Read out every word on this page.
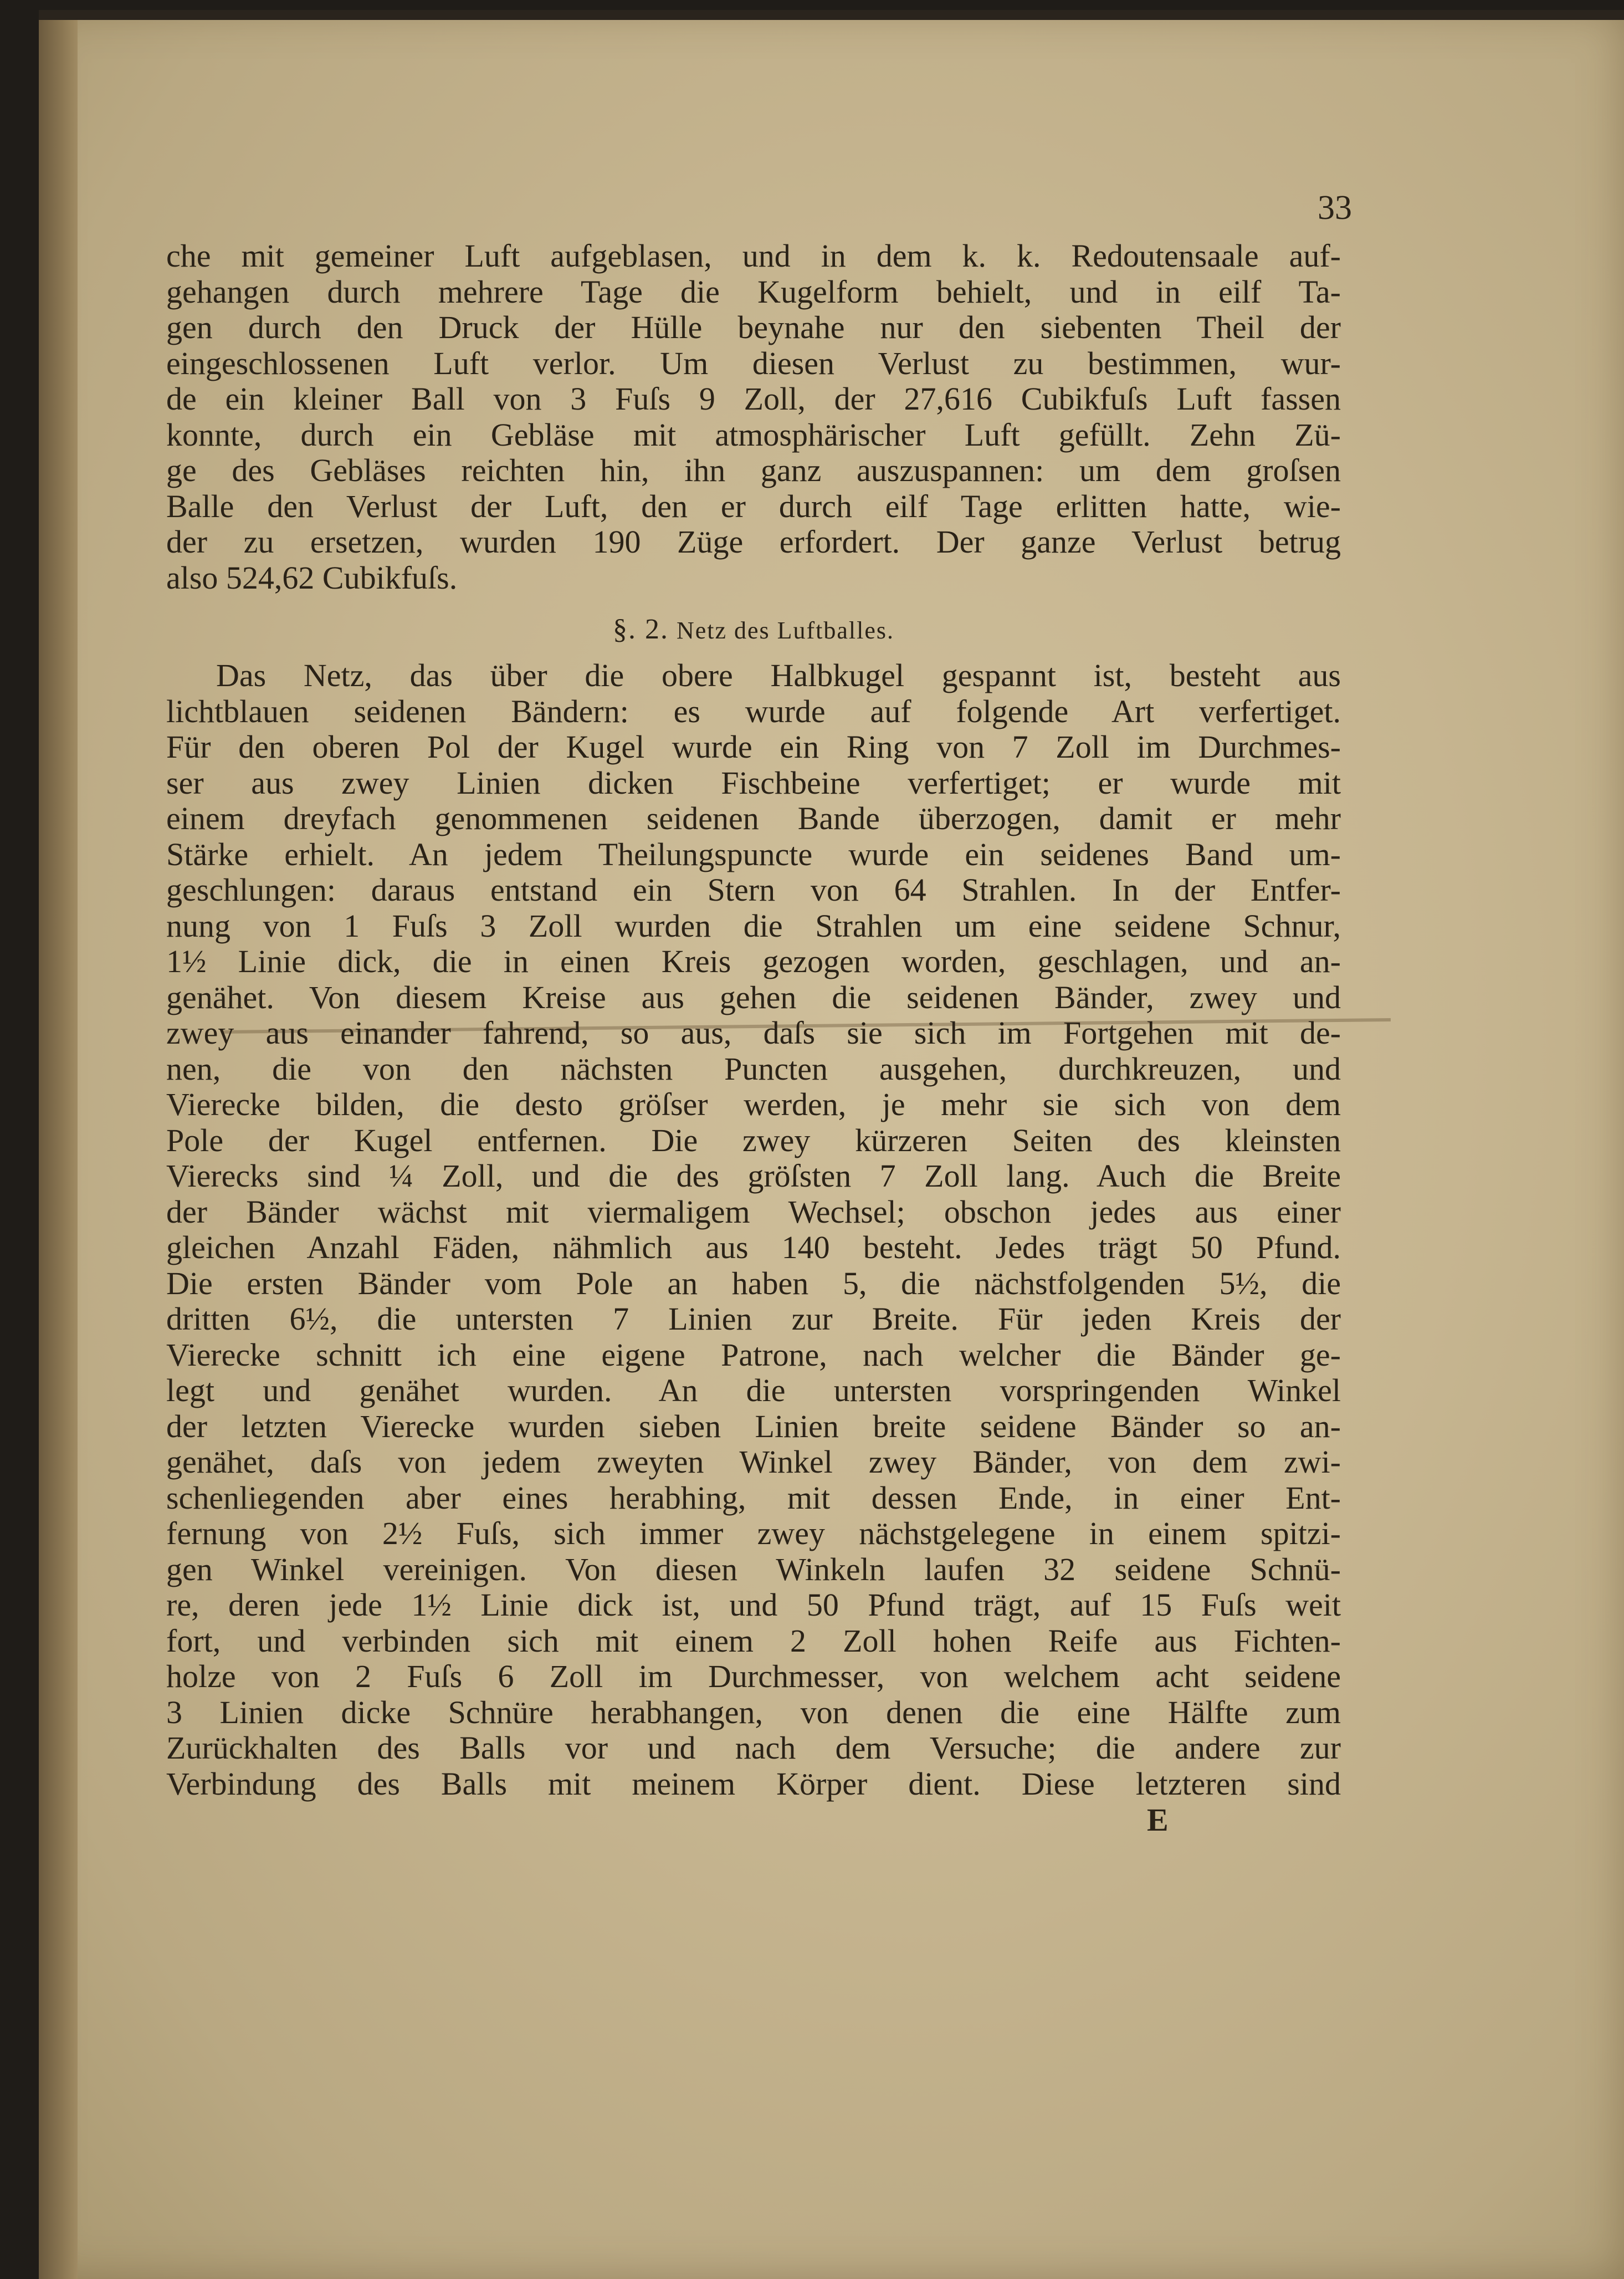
33
che mit gemeiner Luft aufgeblasen, und in dem k. k. Redoutensaale auf-
gehangen durch mehrere Tage die Kugelform behielt, und in eilf Ta-
gen durch den Druck der Hülle beynahe nur den siebenten Theil der
eingeschlossenen Luft verlor. Um diesen Verlust zu bestimmen, wur-
de ein kleiner Ball von 3 Fuſs 9 Zoll, der 27,616 Cubikfuſs Luft fassen
konnte, durch ein Gebläse mit atmosphärischer Luft gefüllt. Zehn Zü-
ge des Gebläses reichten hin, ihn ganz auszuspannen: um dem groſsen
Balle den Verlust der Luft, den er durch eilf Tage erlitten hatte, wie-
der zu ersetzen, wurden 190 Züge erfordert. Der ganze Verlust betrug
also 524,62 Cubikfuſs.
§. 2. Netz des Luftballes.
Das Netz, das über die obere Halbkugel gespannt ist, besteht aus
lichtblauen seidenen Bändern: es wurde auf folgende Art verfertiget.
Für den oberen Pol der Kugel wurde ein Ring von 7 Zoll im Durchmes-
ser aus zwey Linien dicken Fischbeine verfertiget; er wurde mit
einem dreyfach genommenen seidenen Bande überzogen, damit er mehr
Stärke erhielt. An jedem Theilungspuncte wurde ein seidenes Band um-
geschlungen: daraus entstand ein Stern von 64 Strahlen. In der Entfer-
nung von 1 Fuſs 3 Zoll wurden die Strahlen um eine seidene Schnur,
1½ Linie dick, die in einen Kreis gezogen worden, geschlagen, und an-
genähet. Von diesem Kreise aus gehen die seidenen Bänder, zwey und
zwey aus einander fahrend, so aus, daſs sie sich im Fortgehen mit de-
nen, die von den nächsten Puncten ausgehen, durchkreuzen, und
Vierecke bilden, die desto gröſser werden, je mehr sie sich von dem
Pole der Kugel entfernen. Die zwey kürzeren Seiten des kleinsten
Vierecks sind ¼ Zoll, und die des gröſsten 7 Zoll lang. Auch die Breite
der Bänder wächst mit viermaligem Wechsel; obschon jedes aus einer
gleichen Anzahl Fäden, nähmlich aus 140 besteht. Jedes trägt 50 Pfund.
Die ersten Bänder vom Pole an haben 5, die nächstfolgenden 5½, die
dritten 6½, die untersten 7 Linien zur Breite. Für jeden Kreis der
Vierecke schnitt ich eine eigene Patrone, nach welcher die Bänder ge-
legt und genähet wurden. An die untersten vorspringenden Winkel
der letzten Vierecke wurden sieben Linien breite seidene Bänder so an-
genähet, daſs von jedem zweyten Winkel zwey Bänder, von dem zwi-
schenliegenden aber eines herabhing, mit dessen Ende, in einer Ent-
fernung von 2½ Fuſs, sich immer zwey nächstgelegene in einem spitzi-
gen Winkel vereinigen. Von diesen Winkeln laufen 32 seidene Schnü-
re, deren jede 1½ Linie dick ist, und 50 Pfund trägt, auf 15 Fuſs weit
fort, und verbinden sich mit einem 2 Zoll hohen Reife aus Fichten-
holze von 2 Fuſs 6 Zoll im Durchmesser, von welchem acht seidene
3 Linien dicke Schnüre herabhangen, von denen die eine Hälfte zum
Zurückhalten des Balls vor und nach dem Versuche; die andere zur
Verbindung des Balls mit meinem Körper dient. Diese letzteren sind
E
